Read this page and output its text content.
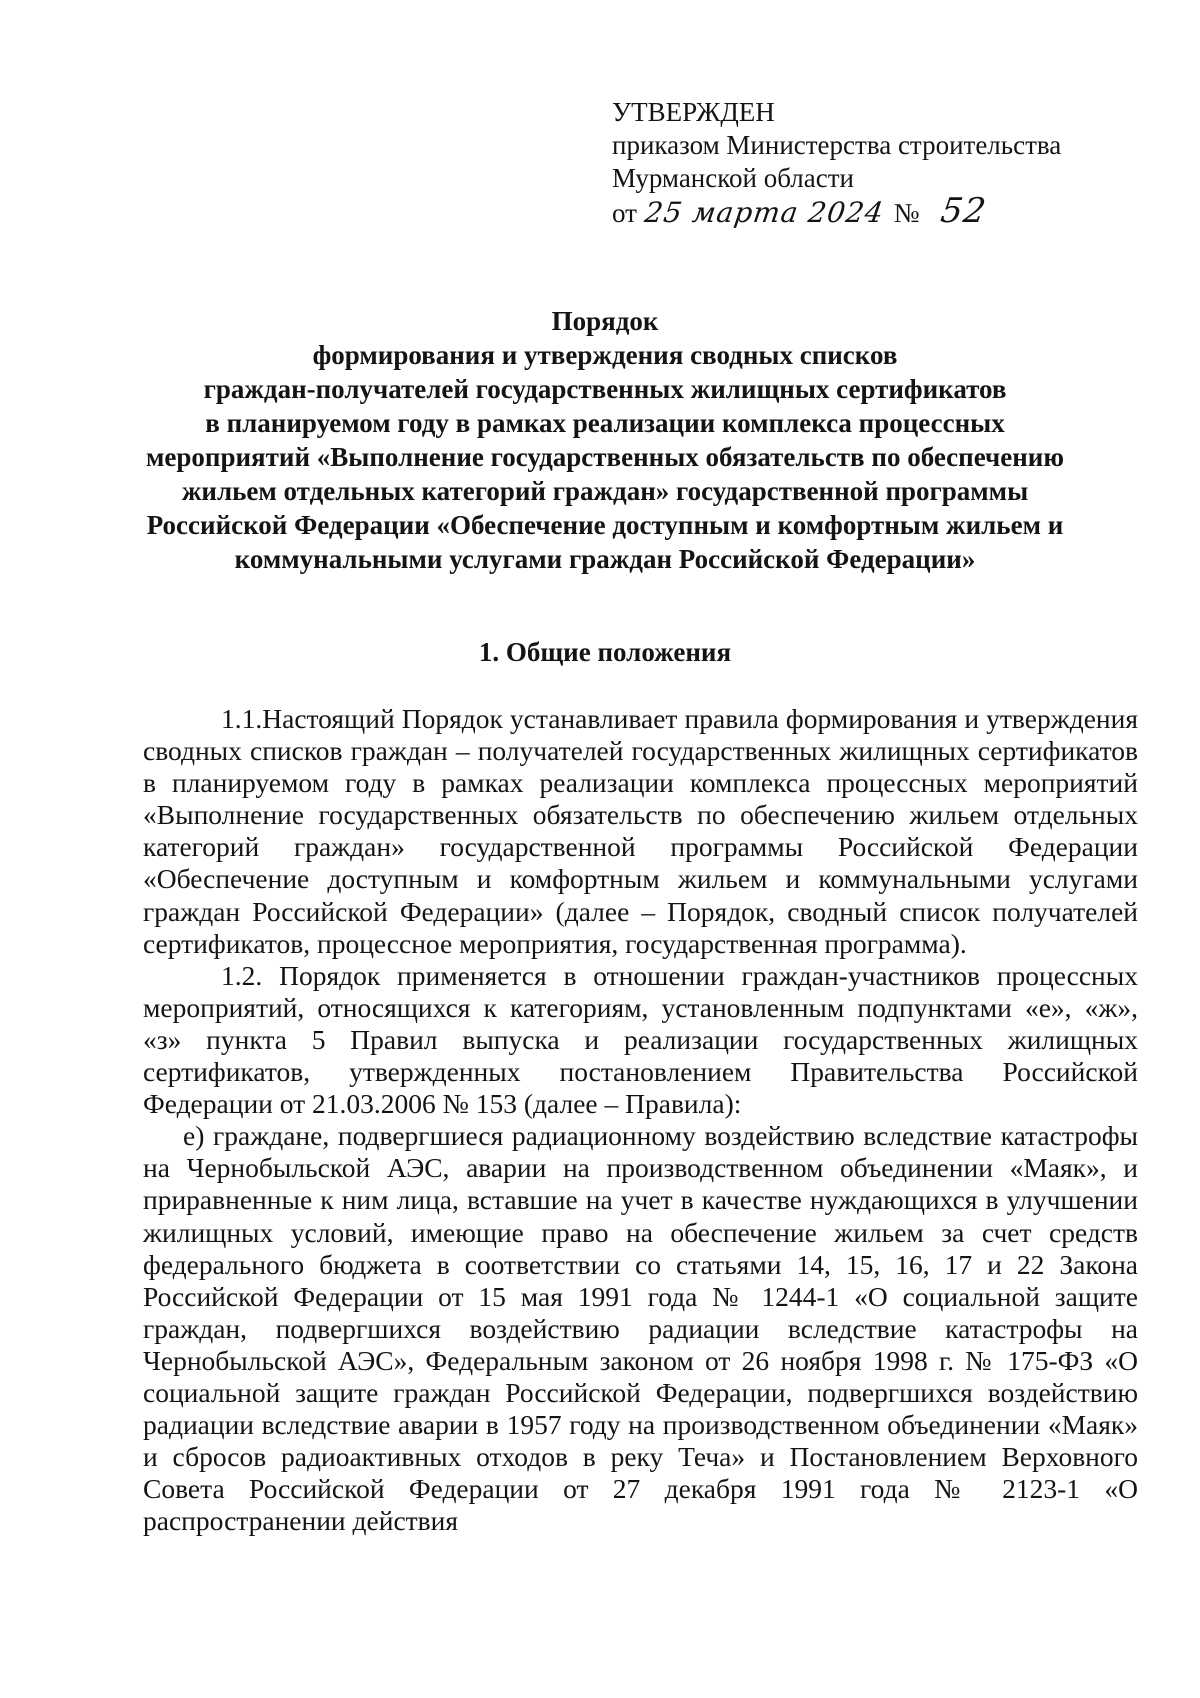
УТВЕРЖДЕН
приказом Министерства строительства
Мурманской области
от 25 марта 2024 № 52
Порядок
формирования и утверждения сводных списков
граждан-получателей государственных жилищных сертификатов
в планируемом году в рамках реализации комплекса процессных
мероприятий «Выполнение государственных обязательств по обеспечению
жильем отдельных категорий граждан» государственной программы
Российской Федерации «Обеспечение доступным и комфортным жильем и
коммунальными услугами граждан Российской Федерации»
1. Общие положения

1.1.Настоящий Порядок устанавливает правила формирования и утверждения сводных списков граждан – получателей государственных жилищных сертификатов в планируемом году в рамках реализации комплекса процессных мероприятий «Выполнение государственных обязательств по обеспечению жильем отдельных категорий граждан» государственной программы Российской Федерации «Обеспечение доступным и комфортным жильем и коммунальными услугами граждан Российской Федерации» (далее – Порядок, сводный список получателей сертификатов, процессное мероприятия, государственная программа).

1.2. Порядок применяется в отношении граждан-участников процессных мероприятий, относящихся к категориям, установленным подпунктами «е», «ж», «з» пункта 5 Правил выпуска и реализации государственных жилищных сертификатов, утвержденных постановлением Правительства Российской Федерации от 21.03.2006 № 153 (далее – Правила):

е) граждане, подвергшиеся радиационному воздействию вследствие катастрофы на Чернобыльской АЭС, аварии на производственном объединении «Маяк», и приравненные к ним лица, вставшие на учет в качестве нуждающихся в улучшении жилищных условий, имеющие право на обеспечение жильем за счет средств федерального бюджета в соответствии со статьями 14, 15, 16, 17 и 22 Закона Российской Федерации от 15 мая 1991 года № 1244-1 «О социальной защите граждан, подвергшихся воздействию радиации вследствие катастрофы на Чернобыльской АЭС», Федеральным законом от 26 ноября 1998 г. № 175-ФЗ «О социальной защите граждан Российской Федерации, подвергшихся воздействию радиации вследствие аварии в 1957 году на производственном объединении «Маяк» и сбросов радиоактивных отходов в реку Теча» и Постановлением Верховного Совета Российской Федерации от 27 декабря 1991 года № 2123-1 «О распространении действия
